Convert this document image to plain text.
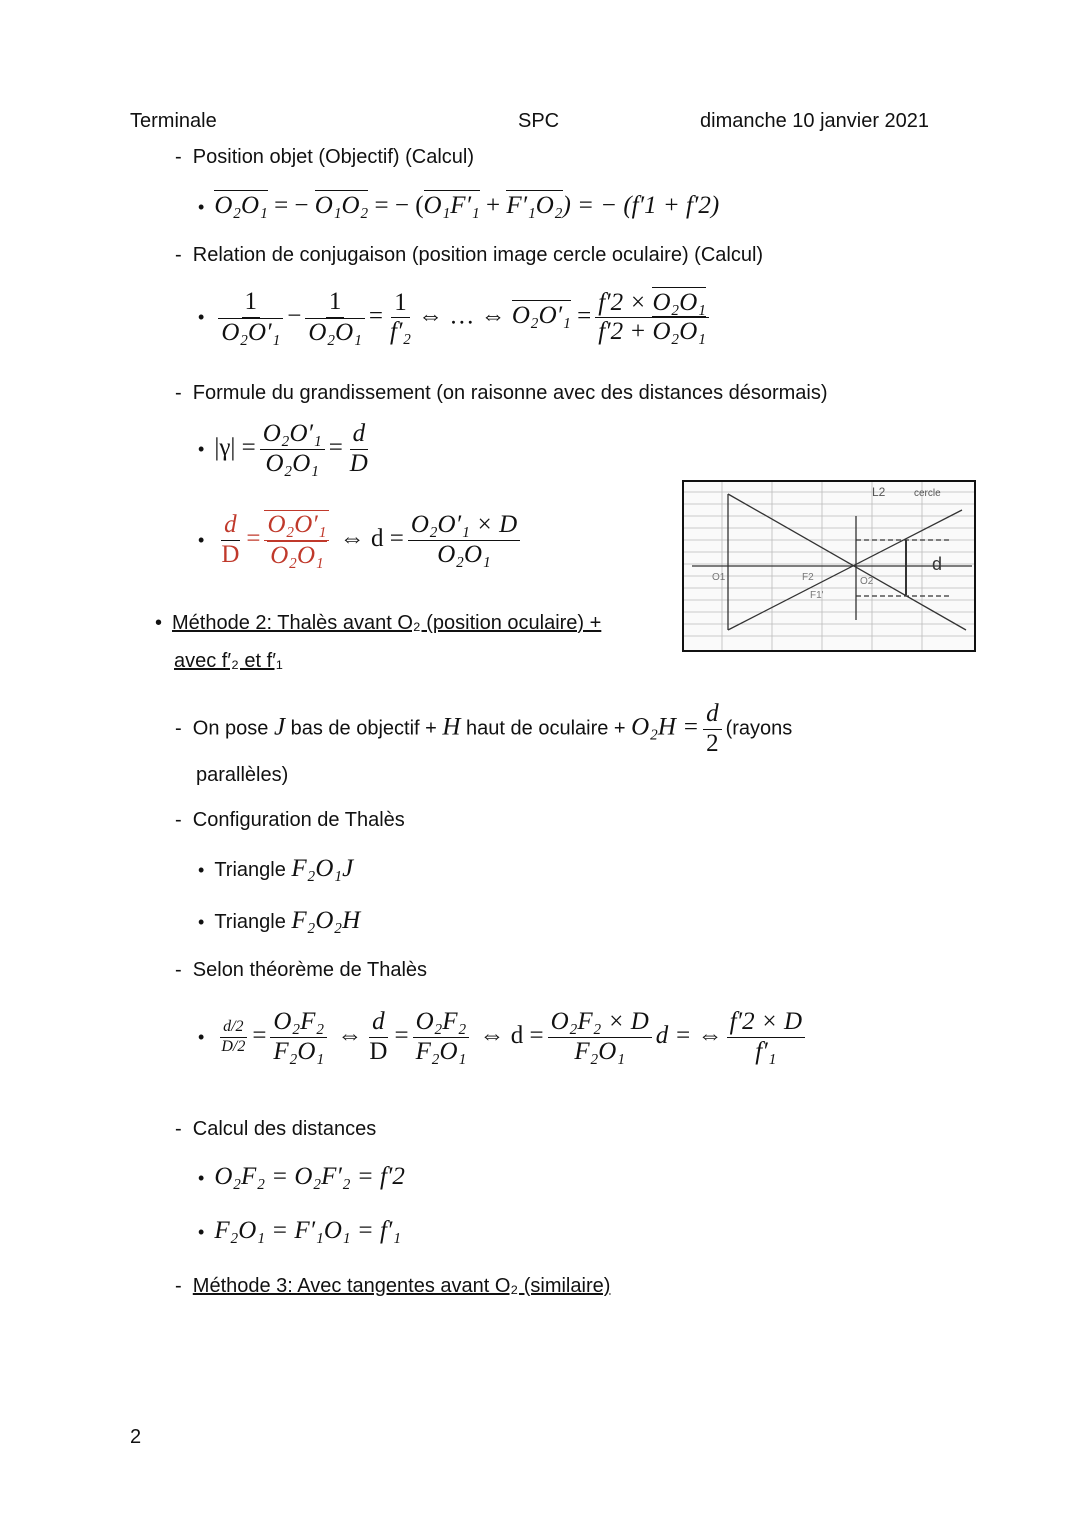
Terminale	SPC	dimanche 10 janvier 2021
-  Position objet (Objectif) (Calcul)
• O₂O₁ = − O₁O₂ = − (O₁F′₁ + F′₁O₂) = − (f′1 + f′2)
-  Relation de conjugaison (position image cercle oculaire) (Calcul)
• $\frac{1}{\text{O₂O′₁}} - \frac{1}{\text{O₂O₁}} = \frac{1}{\text{f′₂}}$ ⇔ … ⇔ $O_2O'_1 = \frac{\text{f′2 × O₂O₁}}{\text{f′2 + O₂O₁}}$
-  Formule du grandissement (on raisonne avec des distances désormais)
• $|\gamma| = \frac{\text{O₂O′₁}}{\text{O₂O₁}} = \frac{d}{D}$
• $\frac{d}{D} = \frac{\text{O₂O′₁}}{\text{O₂O₁}}$ ⇔ $d = \frac{\text{O₂O′₁ × D}}{\text{O₂O₁}}$
L2	cercle
d
O1
F1'
F2	O2
• Méthode 2: Thalès avant O₂ (position oculaire) +
avec f′₂ et f′₁
-  On pose J bas de objectif + H haut de oculaire + $O_2H = \frac{d}{2}$ (rayons
parallèles)
-  Configuration de Thalès
• Triangle F₂O₁J
• Triangle F₂O₂H
-  Selon théorème de Thalès
• $\frac{d/2}{D/2} = \frac{\text{O₂F₂}}{\text{F₂O₁}}$ ⇔ $\frac{d}{D} = \frac{\text{O₂F₂}}{\text{F₂O₁}}$ ⇔ $d = \frac{\text{O₂F₂ × D}}{\text{F₂O₁}}$ d = ⇔ $\frac{f'2 \times D}{\text{f′₁}}$
-  Calcul des distances
• O₂F₂ = O₂F′₂ = f′2
• F₂O₁ = F′₁O₁ = f′₁
-  Méthode 3: Avec tangentes avant O₂ (similaire)
2
